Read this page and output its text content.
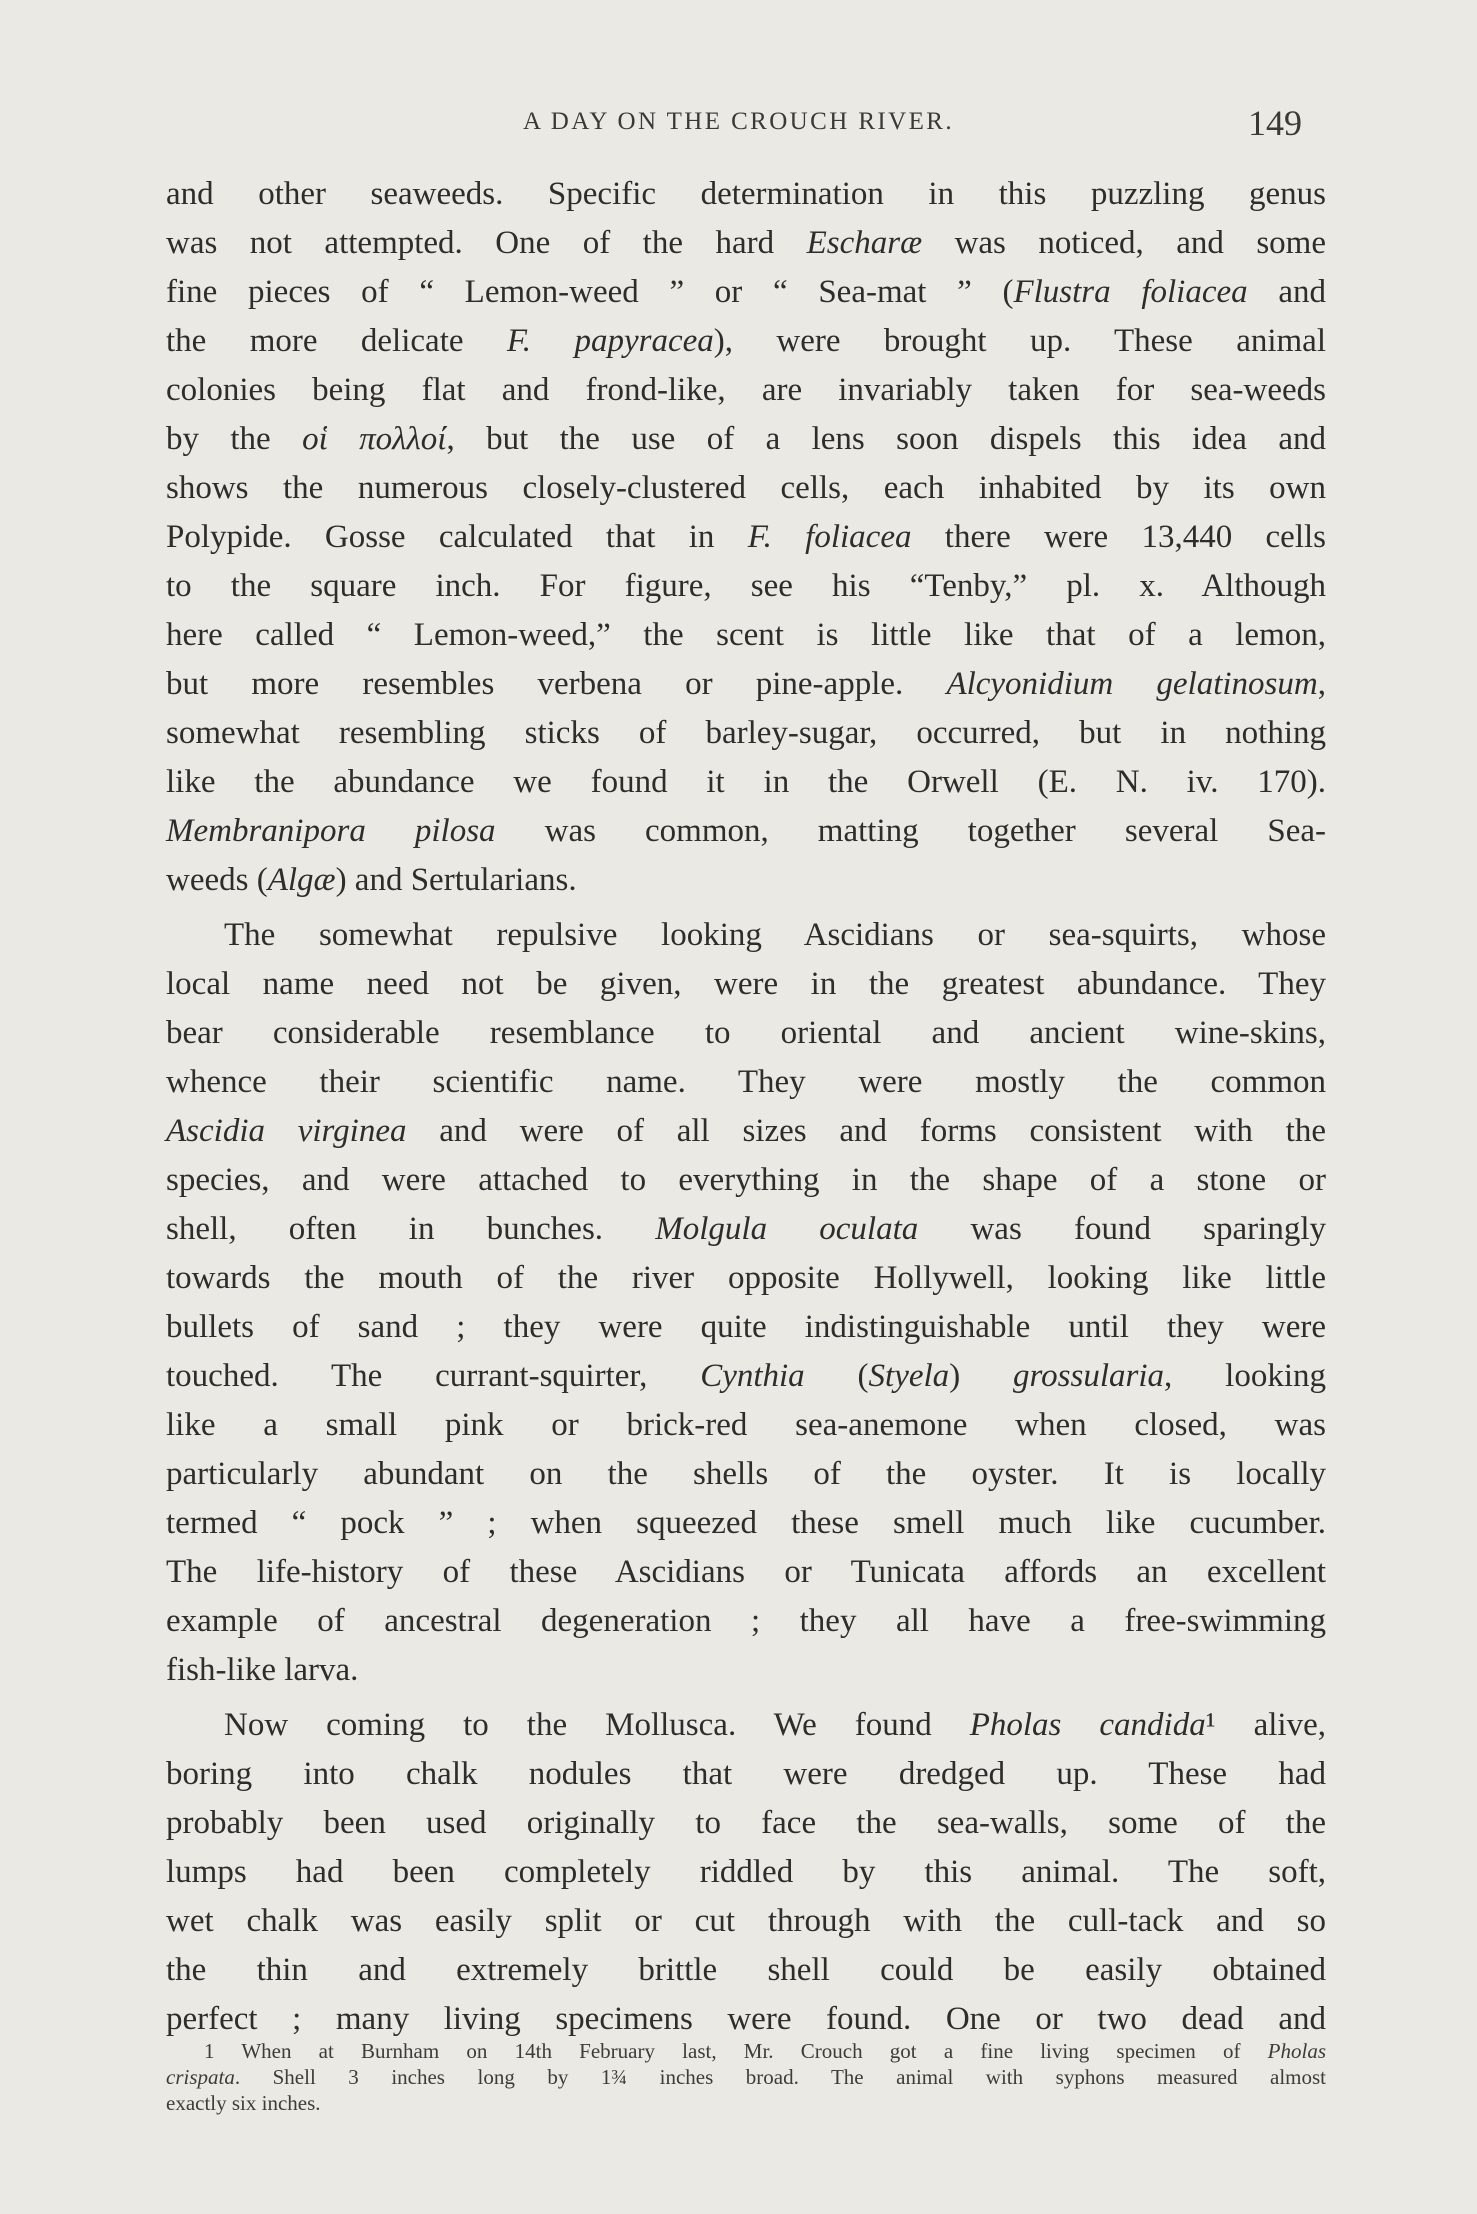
A DAY ON THE CROUCH RIVER.	149
and other seaweeds. Specific determination in this puzzling genus
was not attempted. One of the hard Escharæ was noticed, and some
fine pieces of “ Lemon-weed ” or “ Sea-mat ” (Flustra foliacea and
the more delicate F. papyracea), were brought up. These animal
colonies being flat and frond-like, are invariably taken for sea-weeds
by the οἱ πολλοί, but the use of a lens soon dispels this idea and
shows the numerous closely-clustered cells, each inhabited by its own
Polypide. Gosse calculated that in F. foliacea there were 13,440 cells
to the square inch. For figure, see his “Tenby,” pl. x. Although
here called “ Lemon-weed,” the scent is little like that of a lemon,
but more resembles verbena or pine-apple. Alcyonidium gelatinosum,
somewhat resembling sticks of barley-sugar, occurred, but in nothing
like the abundance we found it in the Orwell (E. N. iv. 170).
Membranipora pilosa was common, matting together several Sea-
weeds (Algæ) and Sertularians.
The somewhat repulsive looking Ascidians or sea-squirts, whose
local name need not be given, were in the greatest abundance. They
bear considerable resemblance to oriental and ancient wine-skins,
whence their scientific name. They were mostly the common
Ascidia virginea and were of all sizes and forms consistent with the
species, and were attached to everything in the shape of a stone or
shell, often in bunches. Molgula oculata was found sparingly
towards the mouth of the river opposite Hollywell, looking like little
bullets of sand ; they were quite indistinguishable until they were
touched. The currant-squirter, Cynthia (Styela) grossularia, looking
like a small pink or brick-red sea-anemone when closed, was
particularly abundant on the shells of the oyster. It is locally
termed “ pock ” ; when squeezed these smell much like cucumber.
The life-history of these Ascidians or Tunicata affords an excellent
example of ancestral degeneration ; they all have a free-swimming
fish-like larva.
Now coming to the Mollusca. We found Pholas candida¹ alive,
boring into chalk nodules that were dredged up. These had
probably been used originally to face the sea-walls, some of the
lumps had been completely riddled by this animal. The soft,
wet chalk was easily split or cut through with the cull-tack and so
the thin and extremely brittle shell could be easily obtained
perfect ; many living specimens were found. One or two dead and
1 When at Burnham on 14th February last, Mr. Crouch got a fine living specimen of Pholas
crispata. Shell 3 inches long by 1¾ inches broad. The animal with syphons measured almost
exactly six inches.
